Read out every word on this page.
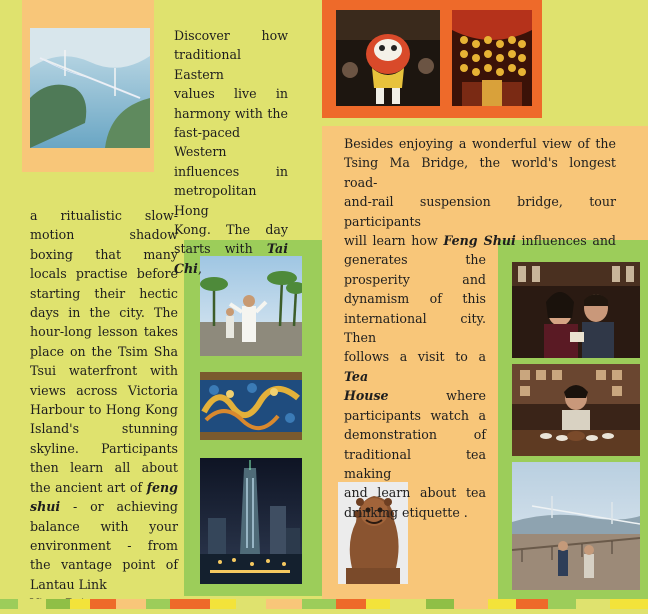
Discover how
traditional Eastern
values live in
harmony with the
fast-paced
Western
influences in
metropolitan Hong
Kong. The day
starts with Tai Chi,
a ritualistic slow-
motion shadow
boxing that many
locals practise before
starting their hectic
days in the city. The
hour-long lesson takes
place on the Tsim Sha
Tsui waterfront with
views across Victoria
Harbour to Hong Kong
Island's stunning
skyline. Participants
then learn all about
the ancient art of feng
shui - or achieving
balance with your
environment - from
the vantage point of
Lantau Link
Besides enjoying a wonderful view of the
Tsing Ma Bridge, the world's longest road-
and-rail suspension bridge, tour participants
will learn how Feng Shui influences and
generates the
prosperity and
dynamism of this
international city. Then
follows a visit to a Tea
House where
participants watch a
demonstration of
traditional tea making
and learn about tea
drinking etiquette .
